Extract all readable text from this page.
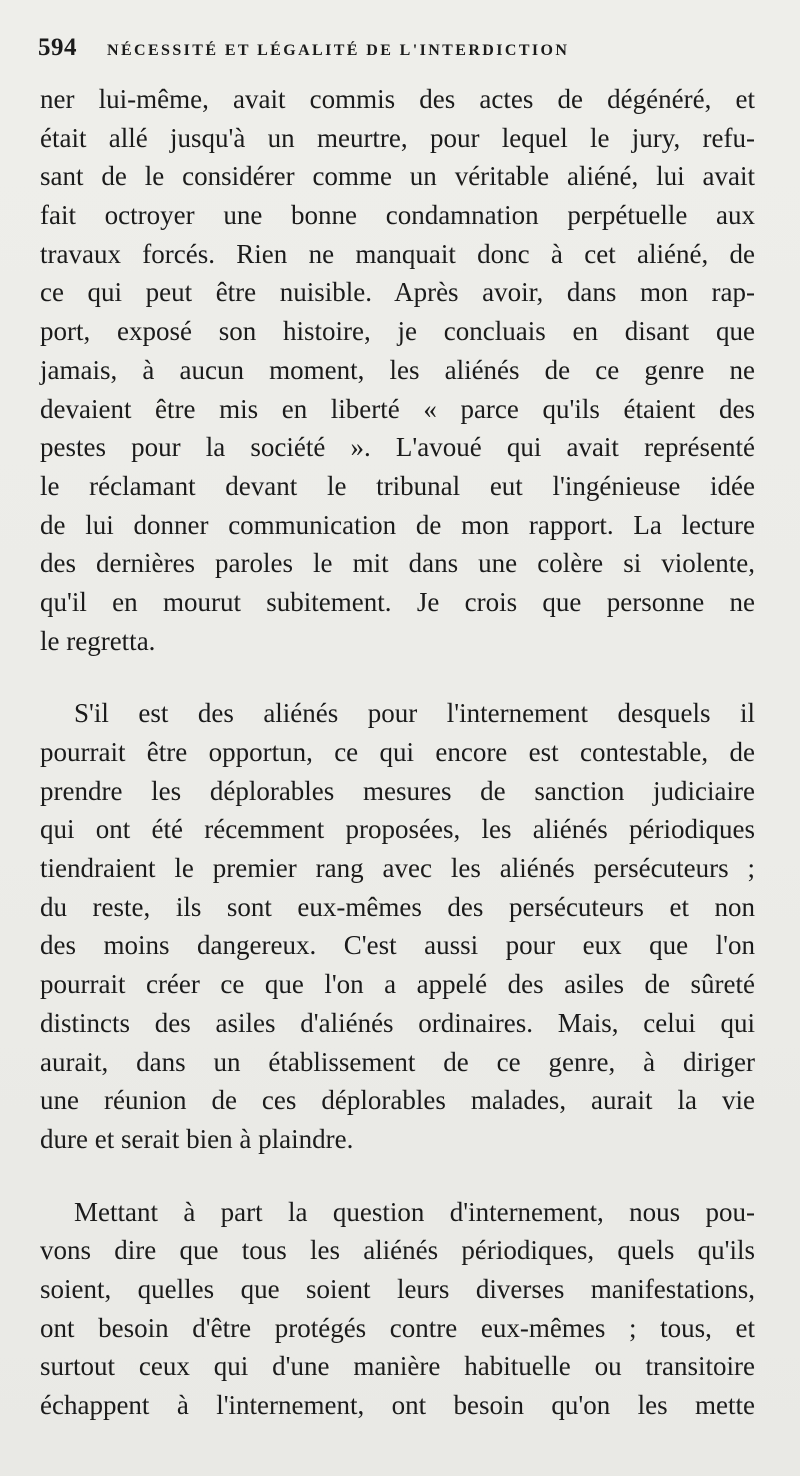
594 NÉCESSITÉ ET LÉGALITÉ DE L'INTERDICTION
ner lui-même, avait commis des actes de dégénéré, et
était allé jusqu'à un meurtre, pour lequel le jury, refu-
sant de le considérer comme un véritable aliéné, lui avait
fait octroyer une bonne condamnation perpétuelle aux
travaux forcés. Rien ne manquait donc à cet aliéné, de
ce qui peut être nuisible. Après avoir, dans mon rap-
port, exposé son histoire, je concluais en disant que
jamais, à aucun moment, les aliénés de ce genre ne
devaient être mis en liberté « parce qu'ils étaient des
pestes pour la société ». L'avoué qui avait représenté
le réclamant devant le tribunal eut l'ingénieuse idée
de lui donner communication de mon rapport. La lecture
des dernières paroles le mit dans une colère si violente,
qu'il en mourut subitement. Je crois que personne ne
le regretta.
S'il est des aliénés pour l'internement desquels il
pourrait être opportun, ce qui encore est contestable, de
prendre les déplorables mesures de sanction judiciaire
qui ont été récemment proposées, les aliénés périodiques
tiendraient le premier rang avec les aliénés persécuteurs ;
du reste, ils sont eux-mêmes des persécuteurs et non
des moins dangereux. C'est aussi pour eux que l'on
pourrait créer ce que l'on a appelé des asiles de sûreté
distincts des asiles d'aliénés ordinaires. Mais, celui qui
aurait, dans un établissement de ce genre, à diriger
une réunion de ces déplorables malades, aurait la vie
dure et serait bien à plaindre.
Mettant à part la question d'internement, nous pou-
vons dire que tous les aliénés périodiques, quels qu'ils
soient, quelles que soient leurs diverses manifestations,
ont besoin d'être protégés contre eux-mêmes ; tous, et
surtout ceux qui d'une manière habituelle ou transitoire
échappent à l'internement, ont besoin qu'on les mette
